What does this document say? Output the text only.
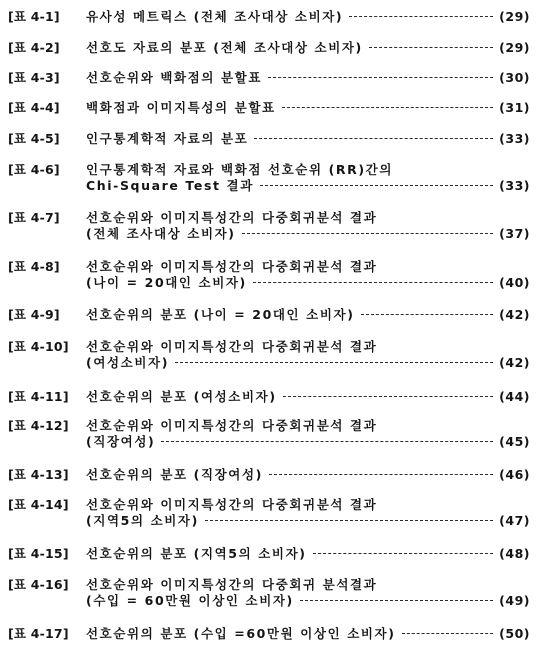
[표 4-1]	유사성 메트릭스 (전체 조사대상 소비자)	(29)
[표 4-2]	선호도 자료의 분포 (전체 조사대상 소비자)	(29)
[표 4-3]	선호순위와 백화점의 분할표	(30)
[표 4-4]	백화점과 이미지특성의 분할표	(31)
[표 4-5]	인구통계학적 자료의 분포	(33)
[표 4-6]	인구통계학적 자료와 백화점 선호순위 (RR)간의
Chi-Square Test 결과	(33)
[표 4-7]	선호순위와 이미지특성간의 다중회귀분석 결과
(전체 조사대상 소비자)	(37)
[표 4-8]	선호순위와 이미지특성간의 다중회귀분석 결과
(나이 = 20대인 소비자)	(40)
[표 4-9]	선호순위의 분포 (나이 = 20대인 소비자)	(42)
[표 4-10]	선호순위와 이미지특성간의 다중회귀분석 결과
(여성소비자)	(42)
[표 4-11]	선호순위의 분포 (여성소비자)	(44)
[표 4-12]	선호순위와 이미지특성간의 다중회귀분석 결과
(직장여성)	(45)
[표 4-13]	선호순위의 분포 (직장여성)	(46)
[표 4-14]	선호순위와 이미지특성간의 다중회귀분석 결과
(지역5의 소비자)	(47)
[표 4-15]	선호순위의 분포 (지역5의 소비자)	(48)
[표 4-16]	선호순위와 이미지특성간의 다중회귀 분석결과
(수입 = 60만원 이상인 소비자)	(49)
[표 4-17]	선호순위의 분포 (수입 =60만원 이상인 소비자)	(50)
